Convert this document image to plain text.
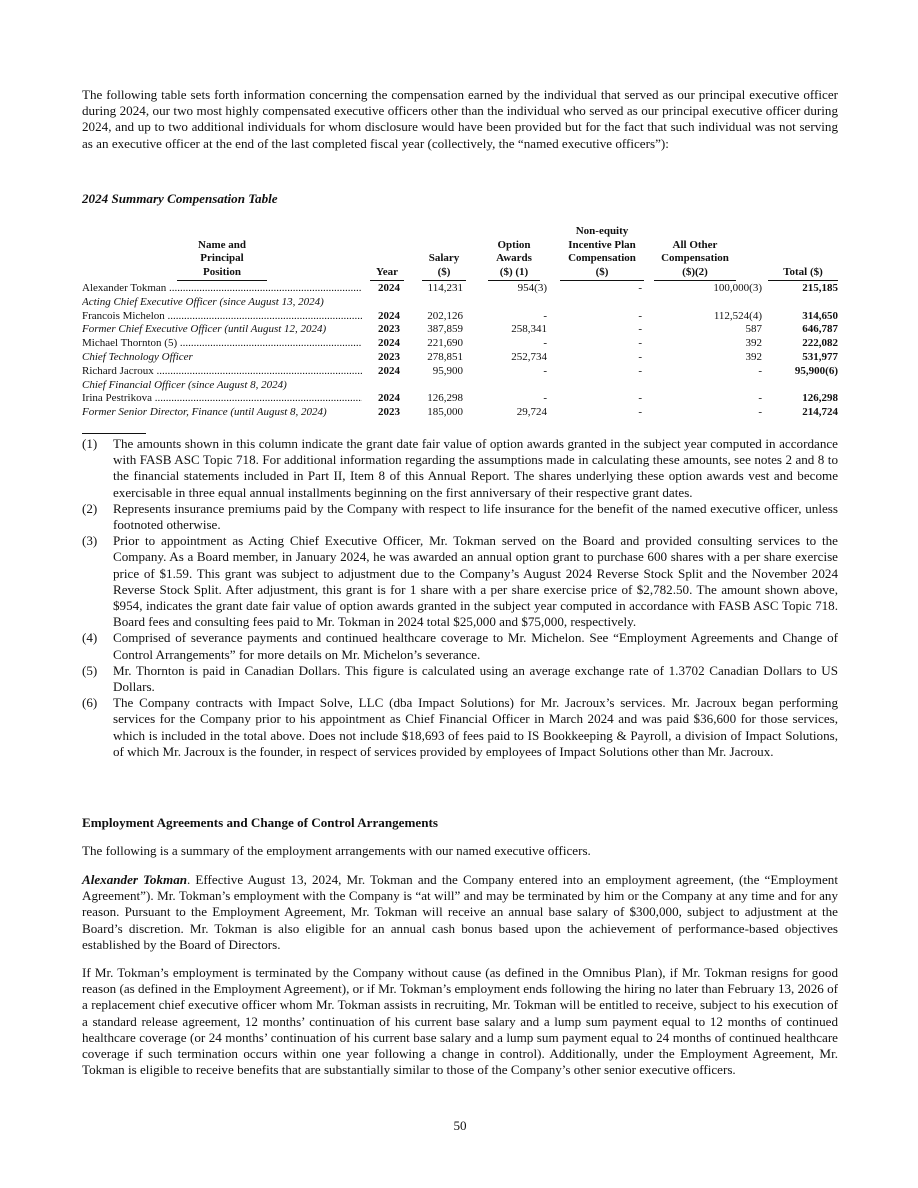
The following table sets forth information concerning the compensation earned by the individual that served as our principal executive officer during 2024, our two most highly compensated executive officers other than the individual who served as our principal executive officer during 2024, and up to two additional individuals for whom disclosure would have been provided but for the fact that such individual was not serving as an executive officer at the end of the last completed fiscal year (collectively, the “named executive officers”):

2024 Summary Compensation Table
Name and
Principal
Position	Year
Salary
($)
Option
Awards
($) (1)
Non-equity
Incentive Plan
Compensation
($)
All Other
Compensation
($)(2)	Total ($)
Alexander Tokman .....	2024	114,231	954(3)	-	100,000(3)	215,185
Acting Chief Executive Officer (since August 13, 2024)
Francois Michelon .....	2024	202,126	-	-	112,524(4)	314,650
Former Chief Executive Officer (until August 12, 2024)	2023	387,859	258,341	-	587	646,787
Michael Thornton (5) .....	2024	221,690	-	-	392	222,082
Chief Technology Officer	2023	278,851	252,734	-	392	531,977
Richard Jacroux .....	2024	95,900	-	-	-	95,900(6)
Chief Financial Officer (since August 8, 2024)
Irina Pestrikova .....	2024	126,298	-	-	-	126,298
Former Senior Director, Finance (until August 8, 2024)	2023	185,000	29,724	-	-	214,724

(1) The amounts shown in this column indicate the grant date fair value of option awards granted in the subject year computed in accordance with FASB ASC Topic 718. For additional information regarding the assumptions made in calculating these amounts, see notes 2 and 8 to the financial statements included in Part II, Item 8 of this Annual Report. The shares underlying these option awards vest and become exercisable in three equal annual installments beginning on the first anniversary of their respective grant dates.

(2) Represents insurance premiums paid by the Company with respect to life insurance for the benefit of the named executive officer, unless footnoted otherwise.

(3) Prior to appointment as Acting Chief Executive Officer, Mr. Tokman served on the Board and provided consulting services to the Company. As a Board member, in January 2024, he was awarded an annual option grant to purchase 600 shares with a per share exercise price of $1.59. This grant was subject to adjustment due to the Company’s August 2024 Reverse Stock Split and the November 2024 Reverse Stock Split. After adjustment, this grant is for 1 share with a per share exercise price of $2,782.50. The amount shown above, $954, indicates the grant date fair value of option awards granted in the subject year computed in accordance with FASB ASC Topic 718. Board fees and consulting fees paid to Mr. Tokman in 2024 total $25,000 and $75,000, respectively.

(4) Comprised of severance payments and continued healthcare coverage to Mr. Michelon. See “Employment Agreements and Change of Control Arrangements” for more details on Mr. Michelon’s severance.

(5) Mr. Thornton is paid in Canadian Dollars. This figure is calculated using an average exchange rate of 1.3702 Canadian Dollars to US Dollars.

(6) The Company contracts with Impact Solve, LLC (dba Impact Solutions) for Mr. Jacroux’s services. Mr. Jacroux began performing services for the Company prior to his appointment as Chief Financial Officer in March 2024 and was paid $36,600 for those services, which is included in the total above. Does not include $18,693 of fees paid to IS Bookkeeping & Payroll, a division of Impact Solutions, of which Mr. Jacroux is the founder, in respect of services provided by employees of Impact Solutions other than Mr. Jacroux.

Employment Agreements and Change of Control Arrangements

The following is a summary of the employment arrangements with our named executive officers.

Alexander Tokman. Effective August 13, 2024, Mr. Tokman and the Company entered into an employment agreement, (the “Employment Agreement”). Mr. Tokman’s employment with the Company is “at will” and may be terminated by him or the Company at any time and for any reason. Pursuant to the Employment Agreement, Mr. Tokman will receive an annual base salary of $300,000, subject to adjustment at the Board’s discretion. Mr. Tokman is also eligible for an annual cash bonus based upon the achievement of performance-based objectives established by the Board of Directors.

If Mr. Tokman’s employment is terminated by the Company without cause (as defined in the Omnibus Plan), if Mr. Tokman resigns for good reason (as defined in the Employment Agreement), or if Mr. Tokman’s employment ends following the hiring no later than February 13, 2026 of a replacement chief executive officer whom Mr. Tokman assists in recruiting, Mr. Tokman will be entitled to receive, subject to his execution of a standard release agreement, 12 months’ continuation of his current base salary and a lump sum payment equal to 12 months of continued healthcare coverage (or 24 months’ continuation of his current base salary and a lump sum payment equal to 24 months of continued healthcare coverage if such termination occurs within one year following a change in control). Additionally, under the Employment Agreement, Mr. Tokman is eligible to receive benefits that are substantially similar to those of the Company’s other senior executive officers.

50
